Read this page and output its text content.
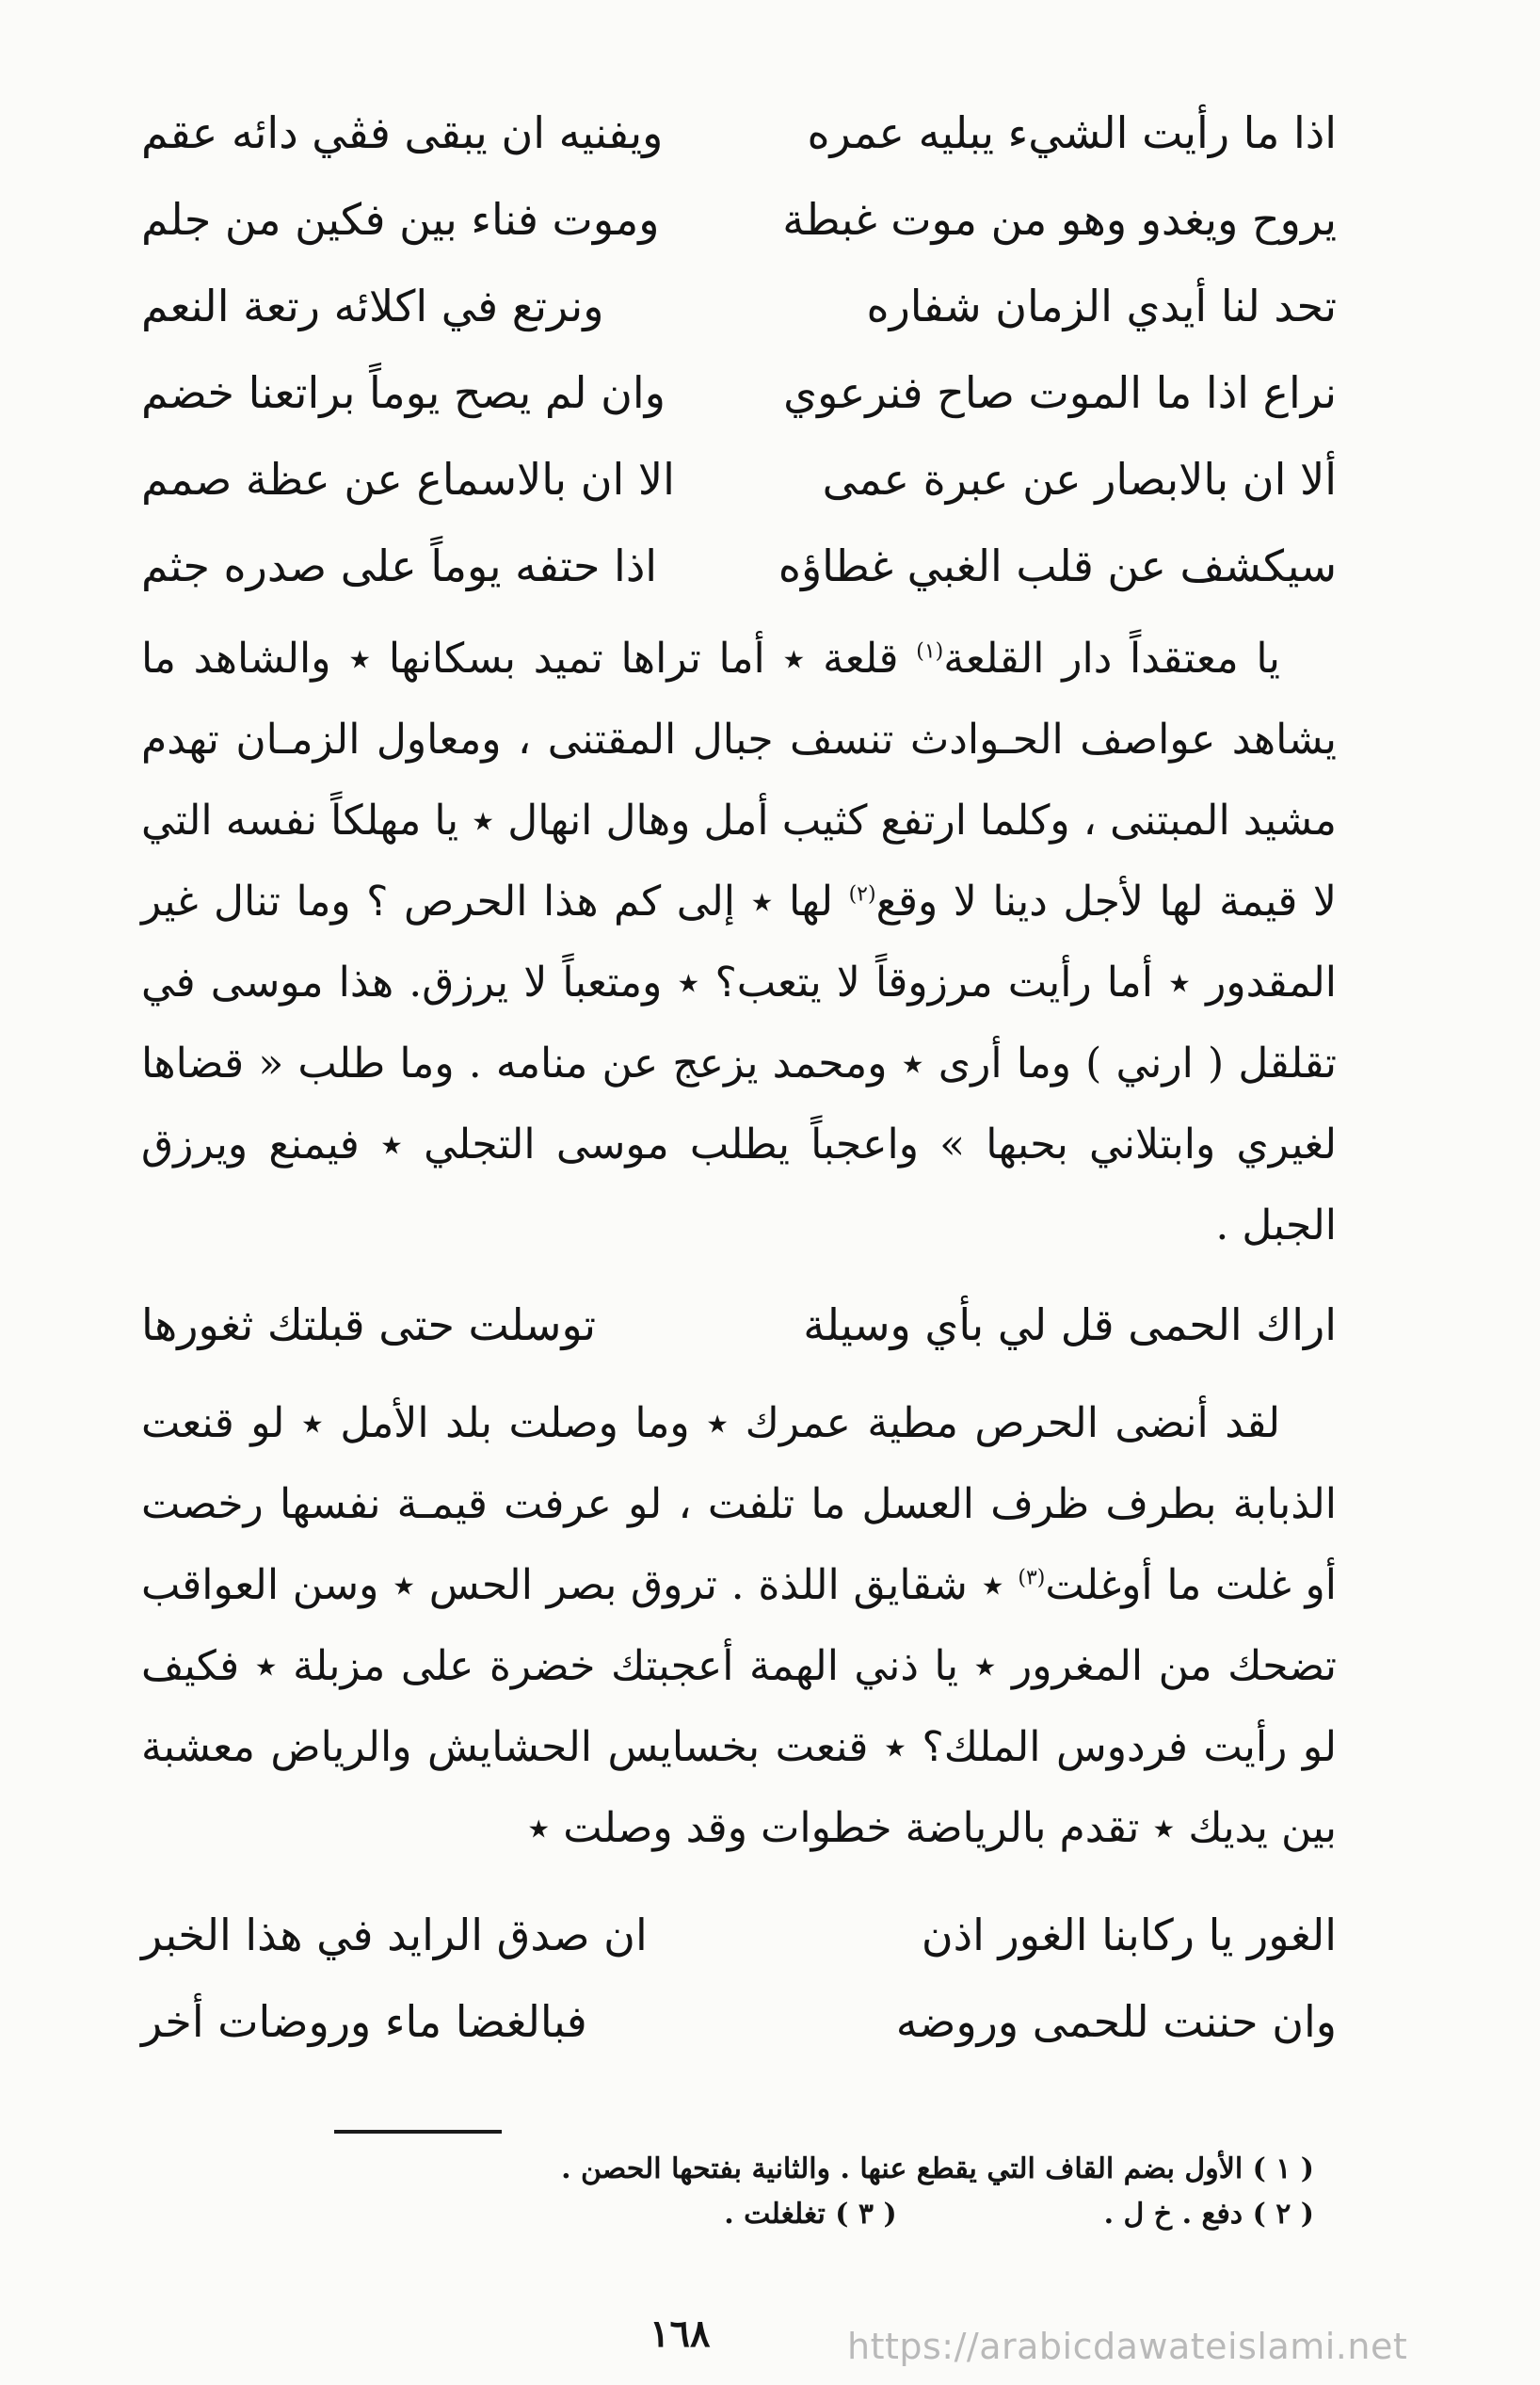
اذا ما رأيت الشيء يبليه عمره
ويفنيه ان يبقى فڤي دائه عقم
يروح ويغدو وهو من موت غبطة
وموت فناء بين فكين من جلم
تحد لنا أيدي الزمان شفاره
ونرتع في اكلائه رتعة النعم
نراع اذا ما الموت صاح فنرعوي
وان لم يصح يوماً براتعنا خضم
ألا ان بالابصار عن عبرة عمى
الا ان بالاسماع عن عظة صمم
سيكشف عن قلب الغبي غطاؤه
اذا حتفه يوماً على صدره جثم

يا معتقداً دار القلعة$^{(١)}$ قلعة ٭ أما تراها تميد بسكانها ٭ والشاهد ما يشاهد عواصف الحـوادث تنسف جبال المقتنى ، ومعاول الزمـان تهدم مشيد المبتنى ، وكلما ارتفع كثيب أمل وهال انهال ٭ يا مهلكاً نفسه التي لا قيمة لها لأجل دينا لا وقع$^{(٢)}$ لها ٭ إلى كم هذا الحرص ؟ وما تنال غير المقدور ٭ أما رأيت مرزوقاً لا يتعب؟ ٭ ومتعباً لا يرزق. هذا موسى في تقلقل ( ارني ) وما أرى ٭ ومحمد يزعج عن منامه . وما طلب « قضاها لغيري وابتلاني بحبها » واعجباً يطلب موسى التجلي ٭ فيمنع ويرزق الجبل .

اراك الحمى قل لي بأي وسيلة
توسلت حتى قبلتك ثغورها

لقد أنضى الحرص مطية عمرك ٭ وما وصلت بلد الأمل ٭ لو قنعت الذبابة بطرف ظرف العسل ما تلفت ، لو عرفت قيمـة نفسها رخصت أو غلت ما أوغلت$^{(٣)}$ ٭ شقايق اللذة . تروق بصر الحس ٭ وسن العواقب تضحك من المغرور ٭ يا ذني الهمة أعجبتك خضرة على مزبلة ٭ فكيف لو رأيت فردوس الملك؟ ٭ قنعت بخسايس الحشايش والرياض معشبة بين يديك ٭ تقدم بالرياضة خطوات وقد وصلت ٭

الغور يا ركابنا الغور اذن
ان صدق الرايد في هذا الخبر
وان حننت للحمى وروضه
فبالغضا ماء وروضات أخر
( ١ ) الأول بضم القاف التي يقطع عنها . والثانية بفتحها الحصن .
( ٢ ) دفع . خ ل .
( ٣ ) تغلغلت .
١٦٨	https://arabicdawateislami.net
